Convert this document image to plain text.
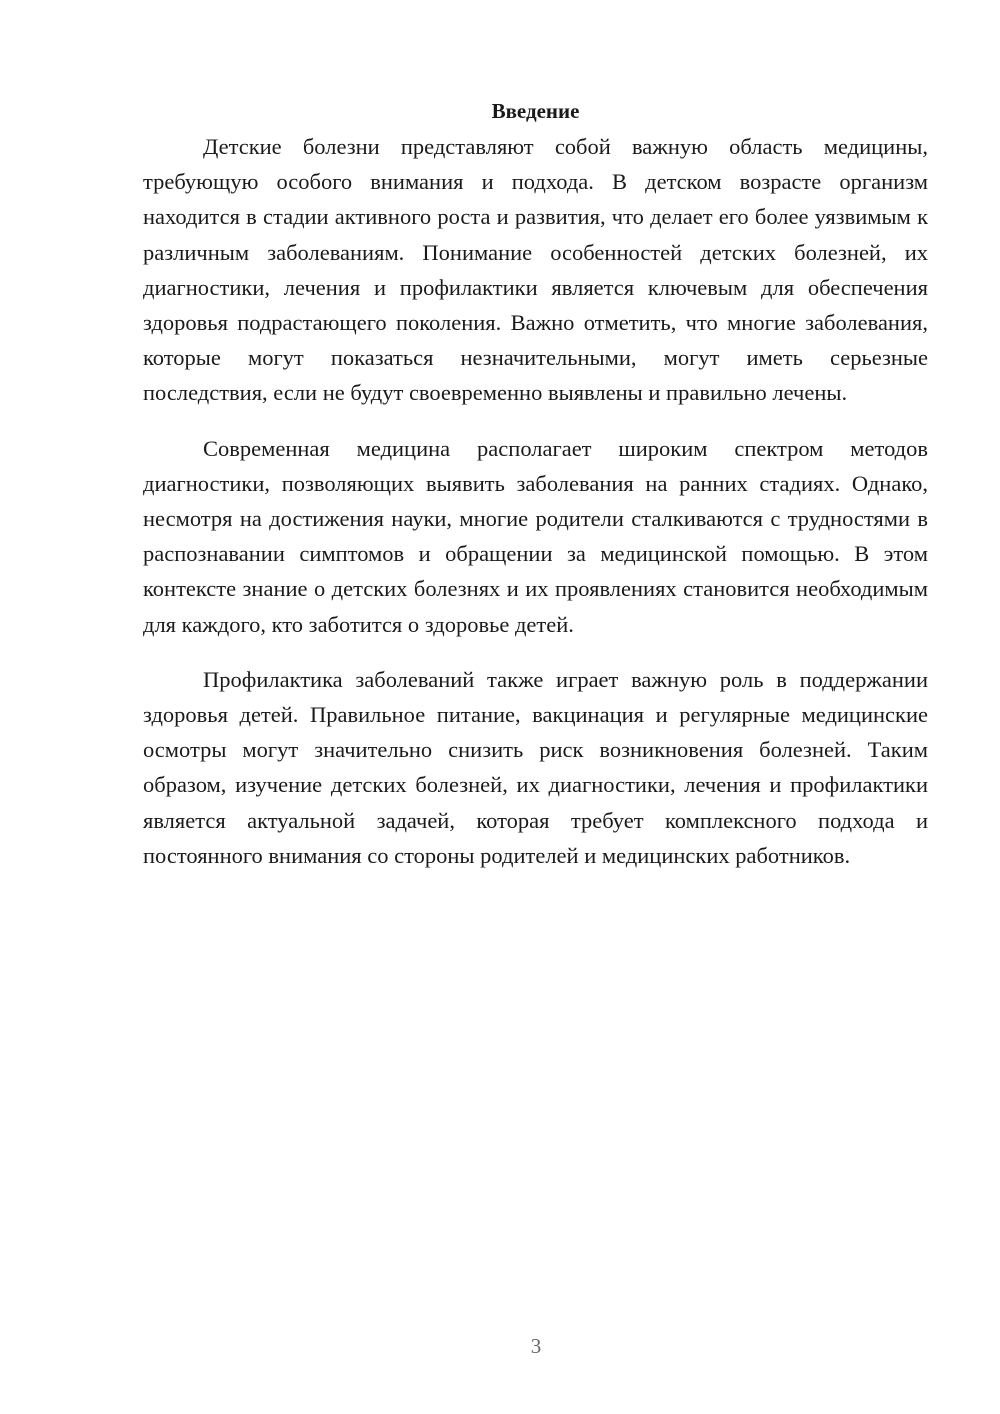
Введение

Детские болезни представляют собой важную область медицины, требующую особого внимания и подхода. В детском возрасте организм находится в стадии активного роста и развития, что делает его более уязвимым к различным заболеваниям. Понимание особенностей детских болезней, их диагностики, лечения и профилактики является ключевым для обеспечения здоровья подрастающего поколения. Важно отметить, что многие заболевания, которые могут показаться незначительными, могут иметь серьезные последствия, если не будут своевременно выявлены и правильно лечены.

Современная медицина располагает широким спектром методов диагностики, позволяющих выявить заболевания на ранних стадиях. Однако, несмотря на достижения науки, многие родители сталкиваются с трудностями в распознавании симптомов и обращении за медицинской помощью. В этом контексте знание о детских болезнях и их проявлениях становится необходимым для каждого, кто заботится о здоровье детей.

Профилактика заболеваний также играет важную роль в поддержании здоровья детей. Правильное питание, вакцинация и регулярные медицинские осмотры могут значительно снизить риск возникновения болезней. Таким образом, изучение детских болезней, их диагностики, лечения и профилактики является актуальной задачей, которая требует комплексного подхода и постоянного внимания со стороны родителей и медицинских работников.

3
